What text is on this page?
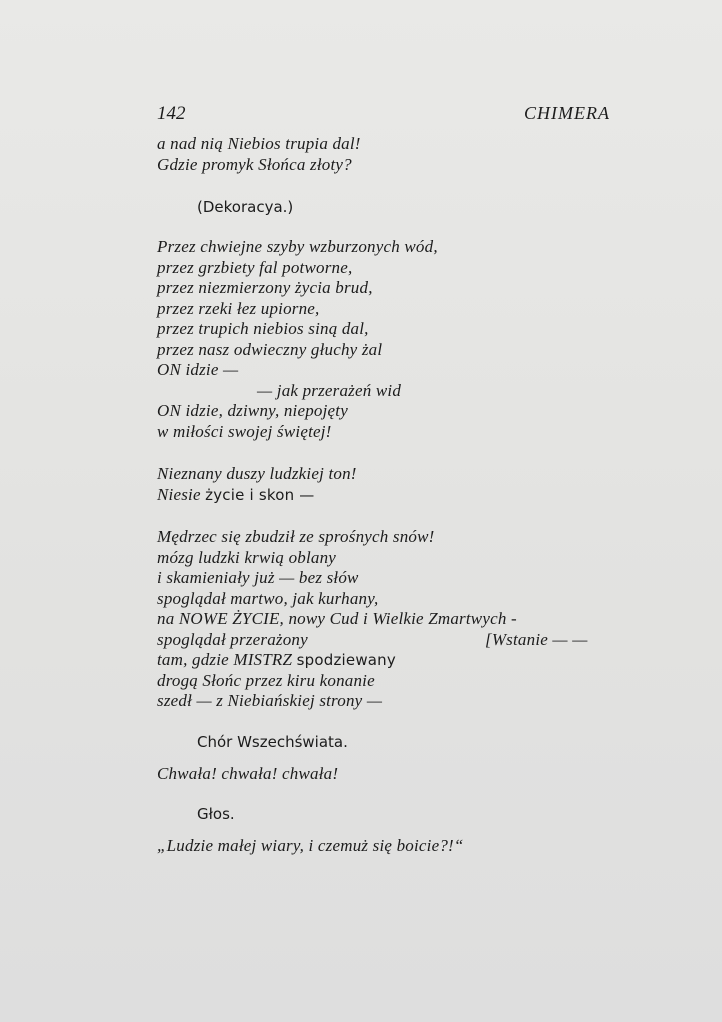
142	CHIMERA
a nad nią Niebios trupia dal!
Gdzie promyk Słońca złoty?
(Dekoracya.)
Przez chwiejne szyby wzburzonych wód,
przez grzbiety fal potworne,
przez niezmierzony życia brud,
przez rzeki łez upiorne,
przez trupich niebios siną dal,
przez nasz odwieczny głuchy żal
ON idzie —
— jak przerażeń wid
ON idzie, dziwny, niepojęty
w miłości swojej świętej!
Nieznany duszy ludzkiej ton!
Niesie życie i skon —
Mędrzec się zbudził ze sprośnych snów!
mózg ludzki krwią oblany
i skamieniały już — bez słów
spoglądał martwo, jak kurhany,
na NOWE ŻYCIE, nowy Cud i Wielkie Zmartwych -
spoglądał przerażony	[Wstanie — —
tam, gdzie MISTRZ spodziewany
drogą Słońc przez kiru konanie
szedł — z Niebiańskiej strony —
Chór Wszechświata.
Chwała! chwała! chwała!
Głos.
„Ludzie małej wiary, i czemuż się boicie?!“
